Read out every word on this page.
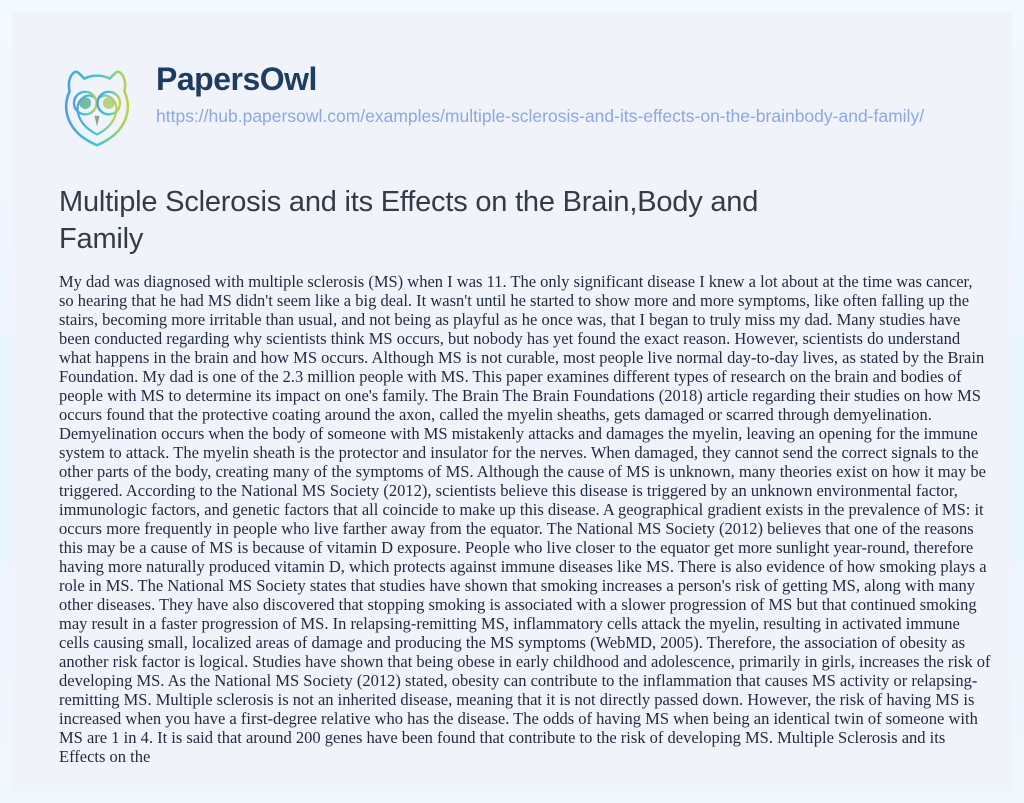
PapersOwl
https://hub.papersowl.com/examples/multiple-sclerosis-and-its-effects-on-the-brainbody-and-family/
Multiple Sclerosis and its Effects on the Brain,Body and Family
My dad was diagnosed with multiple sclerosis (MS) when I was 11. The only significant disease I knew a lot about at the time was cancer, so hearing that he had MS didn't seem like a big deal. It wasn't until he started to show more and more symptoms, like often falling up the stairs, becoming more irritable than usual, and not being as playful as he once was, that I began to truly miss my dad. Many studies have been conducted regarding why scientists think MS occurs, but nobody has yet found the exact reason. However, scientists do understand what happens in the brain and how MS occurs. Although MS is not curable, most people live normal day-to-day lives, as stated by the Brain Foundation. My dad is one of the 2.3 million people with MS. This paper examines different types of research on the brain and bodies of people with MS to determine its impact on one's family. The Brain The Brain Foundations (2018) article regarding their studies on how MS occurs found that the protective coating around the axon, called the myelin sheaths, gets damaged or scarred through demyelination. Demyelination occurs when the body of someone with MS mistakenly attacks and damages the myelin, leaving an opening for the immune system to attack. The myelin sheath is the protector and insulator for the nerves. When damaged, they cannot send the correct signals to the other parts of the body, creating many of the symptoms of MS. Although the cause of MS is unknown, many theories exist on how it may be triggered. According to the National MS Society (2012), scientists believe this disease is triggered by an unknown environmental factor, immunologic factors, and genetic factors that all coincide to make up this disease. A geographical gradient exists in the prevalence of MS: it occurs more frequently in people who live farther away from the equator. The National MS Society (2012) believes that one of the reasons this may be a cause of MS is because of vitamin D exposure. People who live closer to the equator get more sunlight year-round, therefore having more naturally produced vitamin D, which protects against immune diseases like MS. There is also evidence of how smoking plays a role in MS. The National MS Society states that studies have shown that smoking increases a person's risk of getting MS, along with many other diseases. They have also discovered that stopping smoking is associated with a slower progression of MS but that continued smoking may result in a faster progression of MS. In relapsing-remitting MS, inflammatory cells attack the myelin, resulting in activated immune cells causing small, localized areas of damage and producing the MS symptoms (WebMD, 2005). Therefore, the association of obesity as another risk factor is logical. Studies have shown that being obese in early childhood and adolescence, primarily in girls, increases the risk of developing MS. As the National MS Society (2012) stated, obesity can contribute to the inflammation that causes MS activity or relapsing-remitting MS. Multiple sclerosis is not an inherited disease, meaning that it is not directly passed down. However, the risk of having MS is increased when you have a first-degree relative who has the disease. The odds of having MS when being an identical twin of someone with MS are 1 in 4. It is said that around 200 genes have been found that contribute to the risk of developing MS. Multiple Sclerosis and its Effects on the
